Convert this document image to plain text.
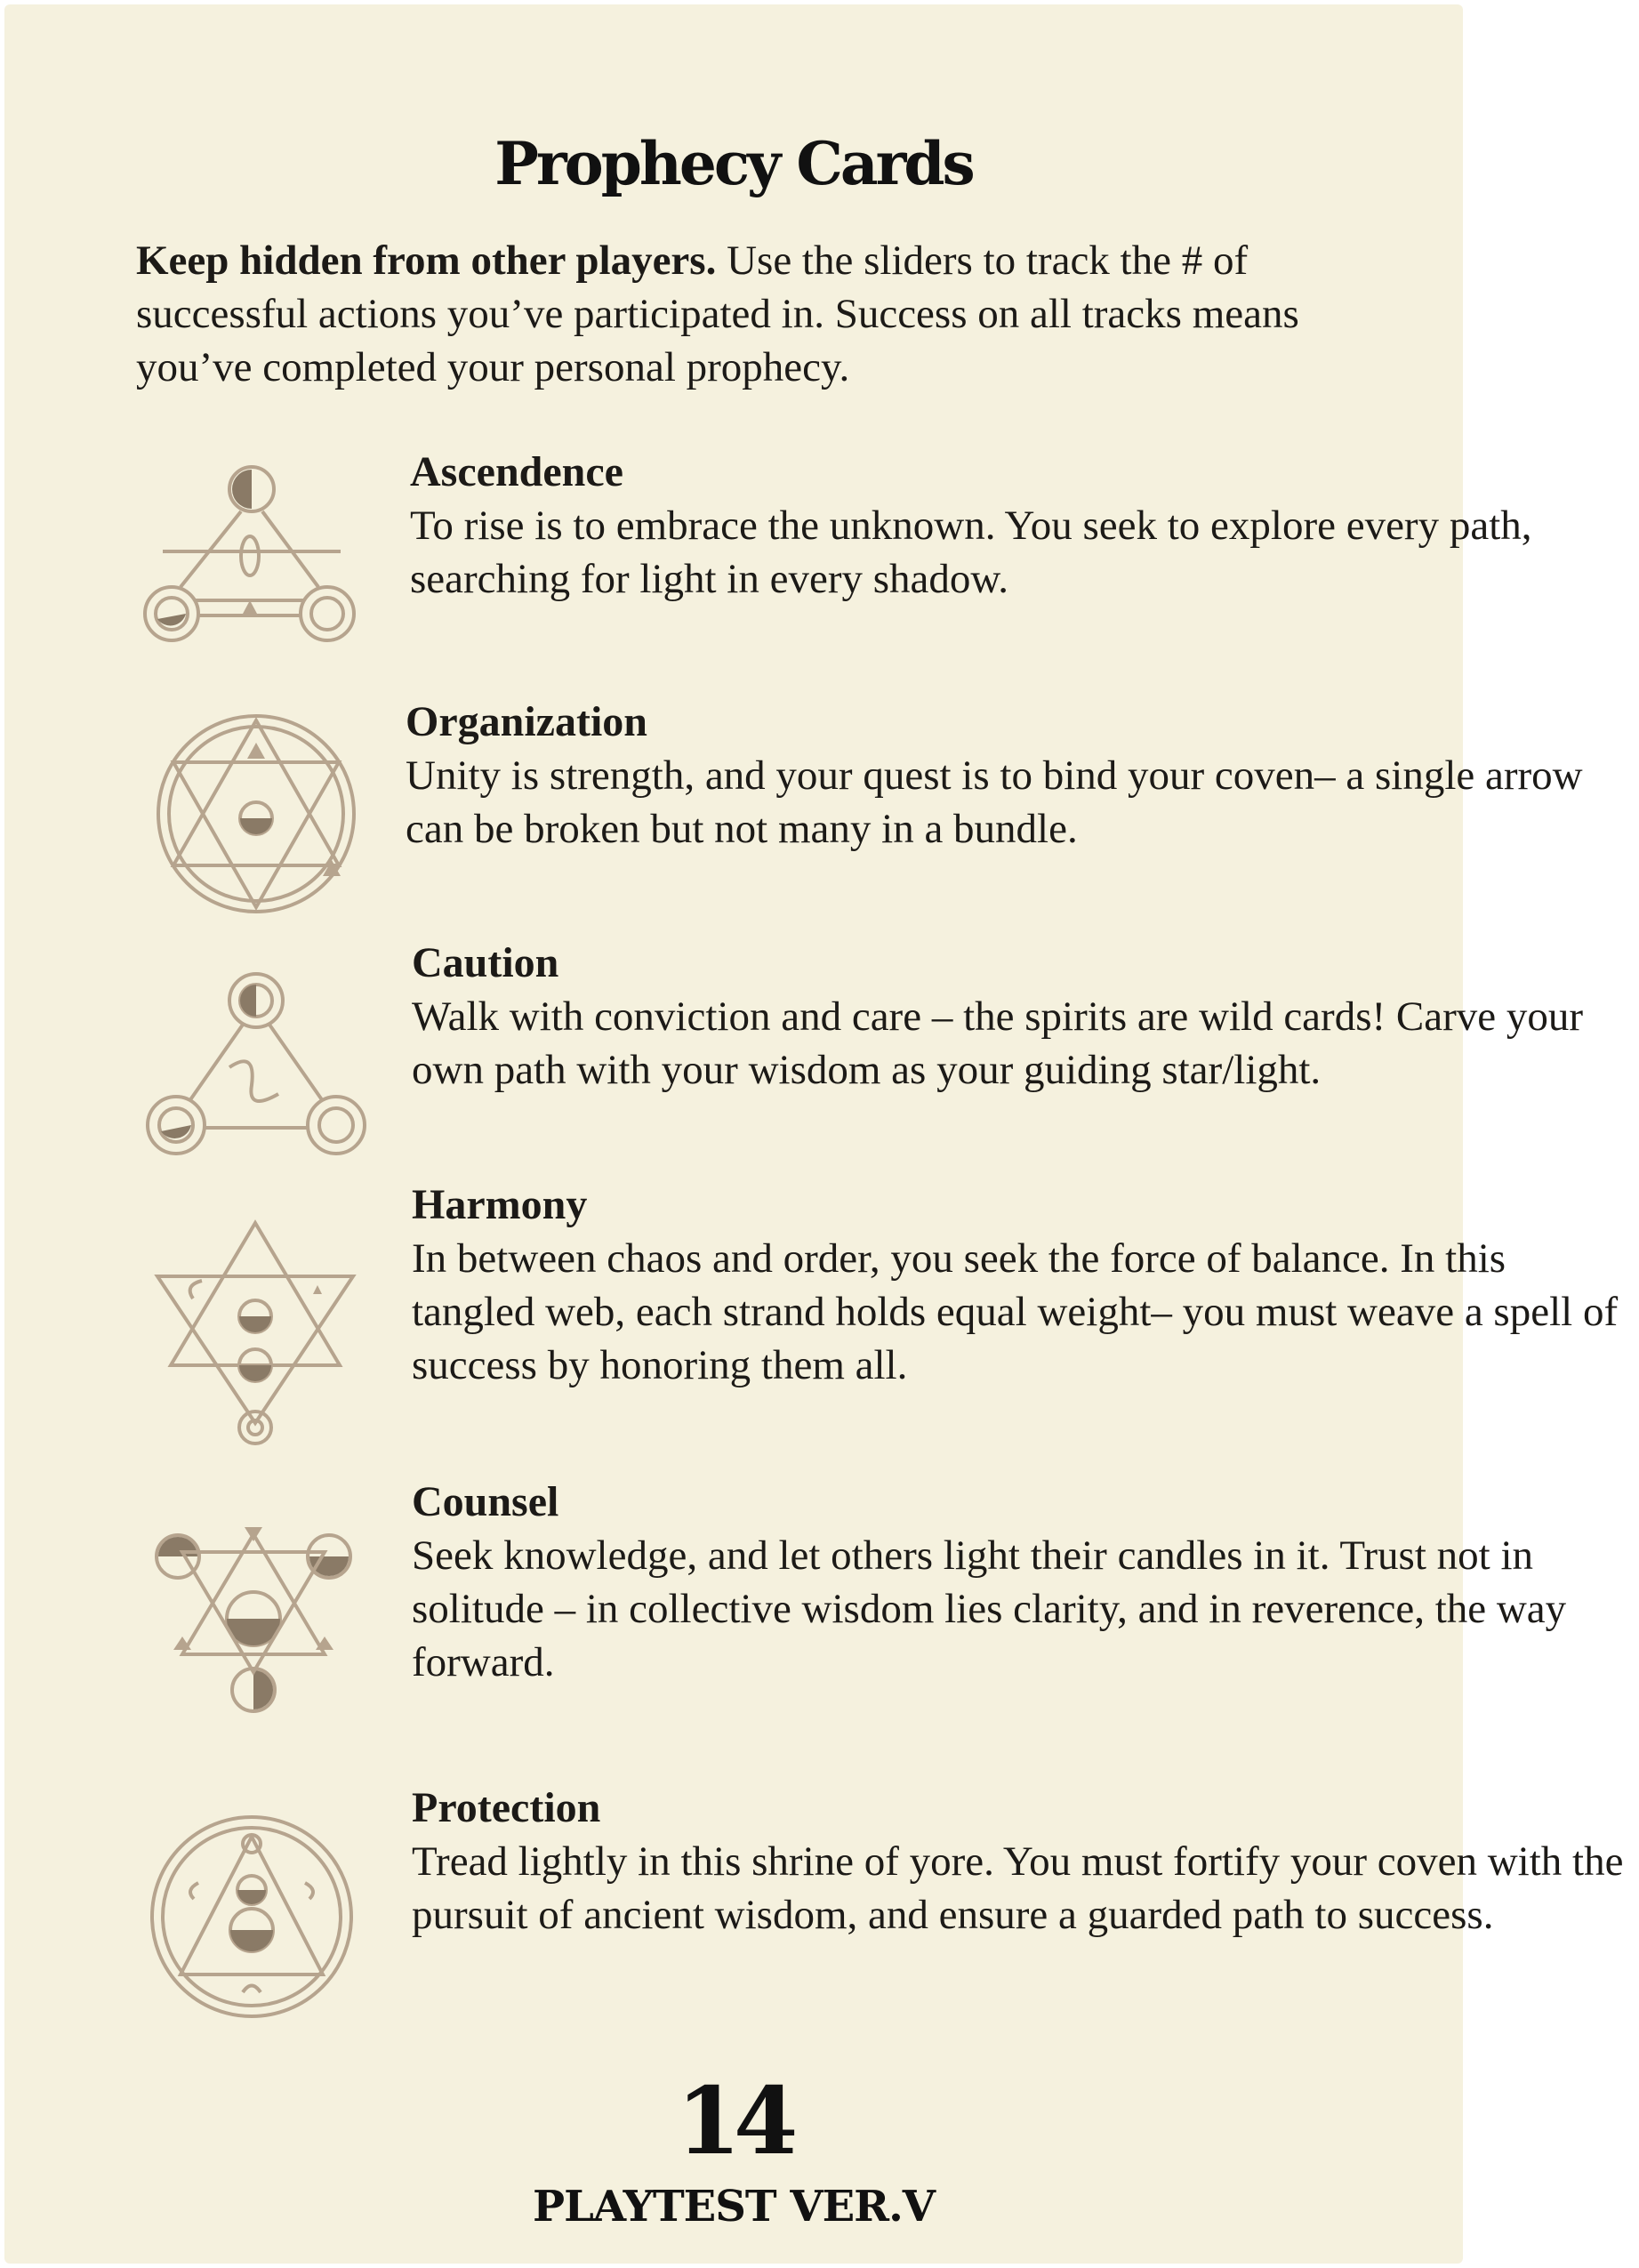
Prophecy Cards
Keep hidden from other players. Use the sliders to track the # of successful actions you’ve participated in. Success on all tracks means you’ve completed your personal prophecy.
Ascendence

To rise is to embrace the unknown. You seek to explore every path, searching for light in every shadow.

Organization

Unity is strength, and your quest is to bind your coven– a single arrow can be broken but not many in a bundle.

Caution

Walk with conviction and care – the spirits are wild cards! Carve your own path with your wisdom as your guiding star/light.

Harmony

In between chaos and order, you seek the force of balance. In this tangled web, each strand holds equal weight– you must weave a spell of success by honoring them all.

Counsel

Seek knowledge, and let others light their candles in it. Trust not in solitude – in collective wisdom lies clarity, and in reverence, the way forward.

Protection

Tread lightly in this shrine of yore. You must fortify your coven with the pursuit of ancient wisdom, and ensure a guarded path to success.

14
PLAYTEST VER.V
